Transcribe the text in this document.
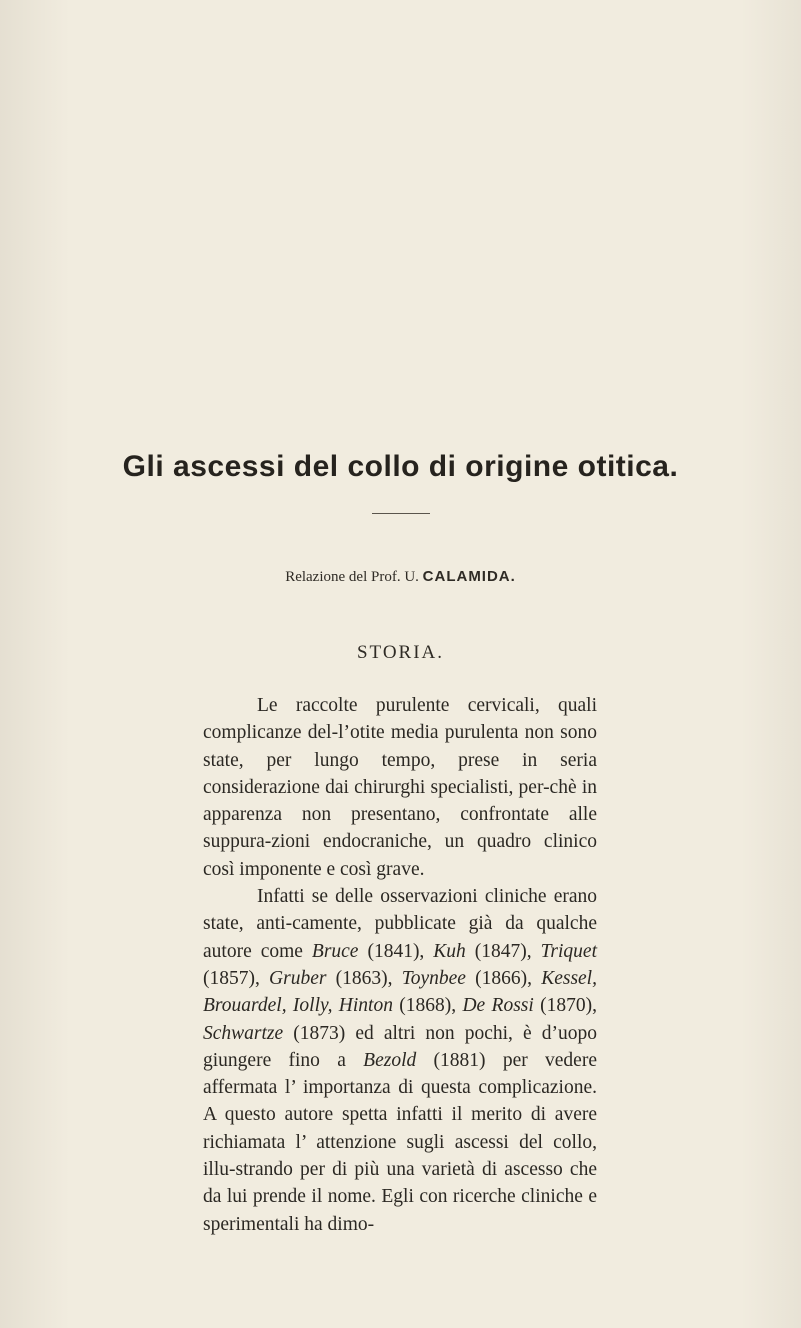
Gli ascessi del collo di origine otitica.
Relazione del Prof. U. CALAMIDA.
STORIA.

Le raccolte purulente cervicali, quali complicanze del-l’otite media purulenta non sono state, per lungo tempo, prese in seria considerazione dai chirurghi specialisti, per-chè in apparenza non presentano, confrontate alle suppura-zioni endocraniche, un quadro clinico così imponente e così grave.

Infatti se delle osservazioni cliniche erano state, anti-camente, pubblicate già da qualche autore come Bruce (1841), Kuh (1847), Triquet (1857), Gruber (1863), Toynbee (1866), Kessel, Brouardel, Iolly, Hinton (1868), De Rossi (1870), Schwartze (1873) ed altri non pochi, è d’uopo giungere fino a Bezold (1881) per vedere affermata l’ importanza di questa complicazione. A questo autore spetta infatti il merito di avere richiamata l’ attenzione sugli ascessi del collo, illu-strando per di più una varietà di ascesso che da lui prende il nome. Egli con ricerche cliniche e sperimentali ha dimo-
